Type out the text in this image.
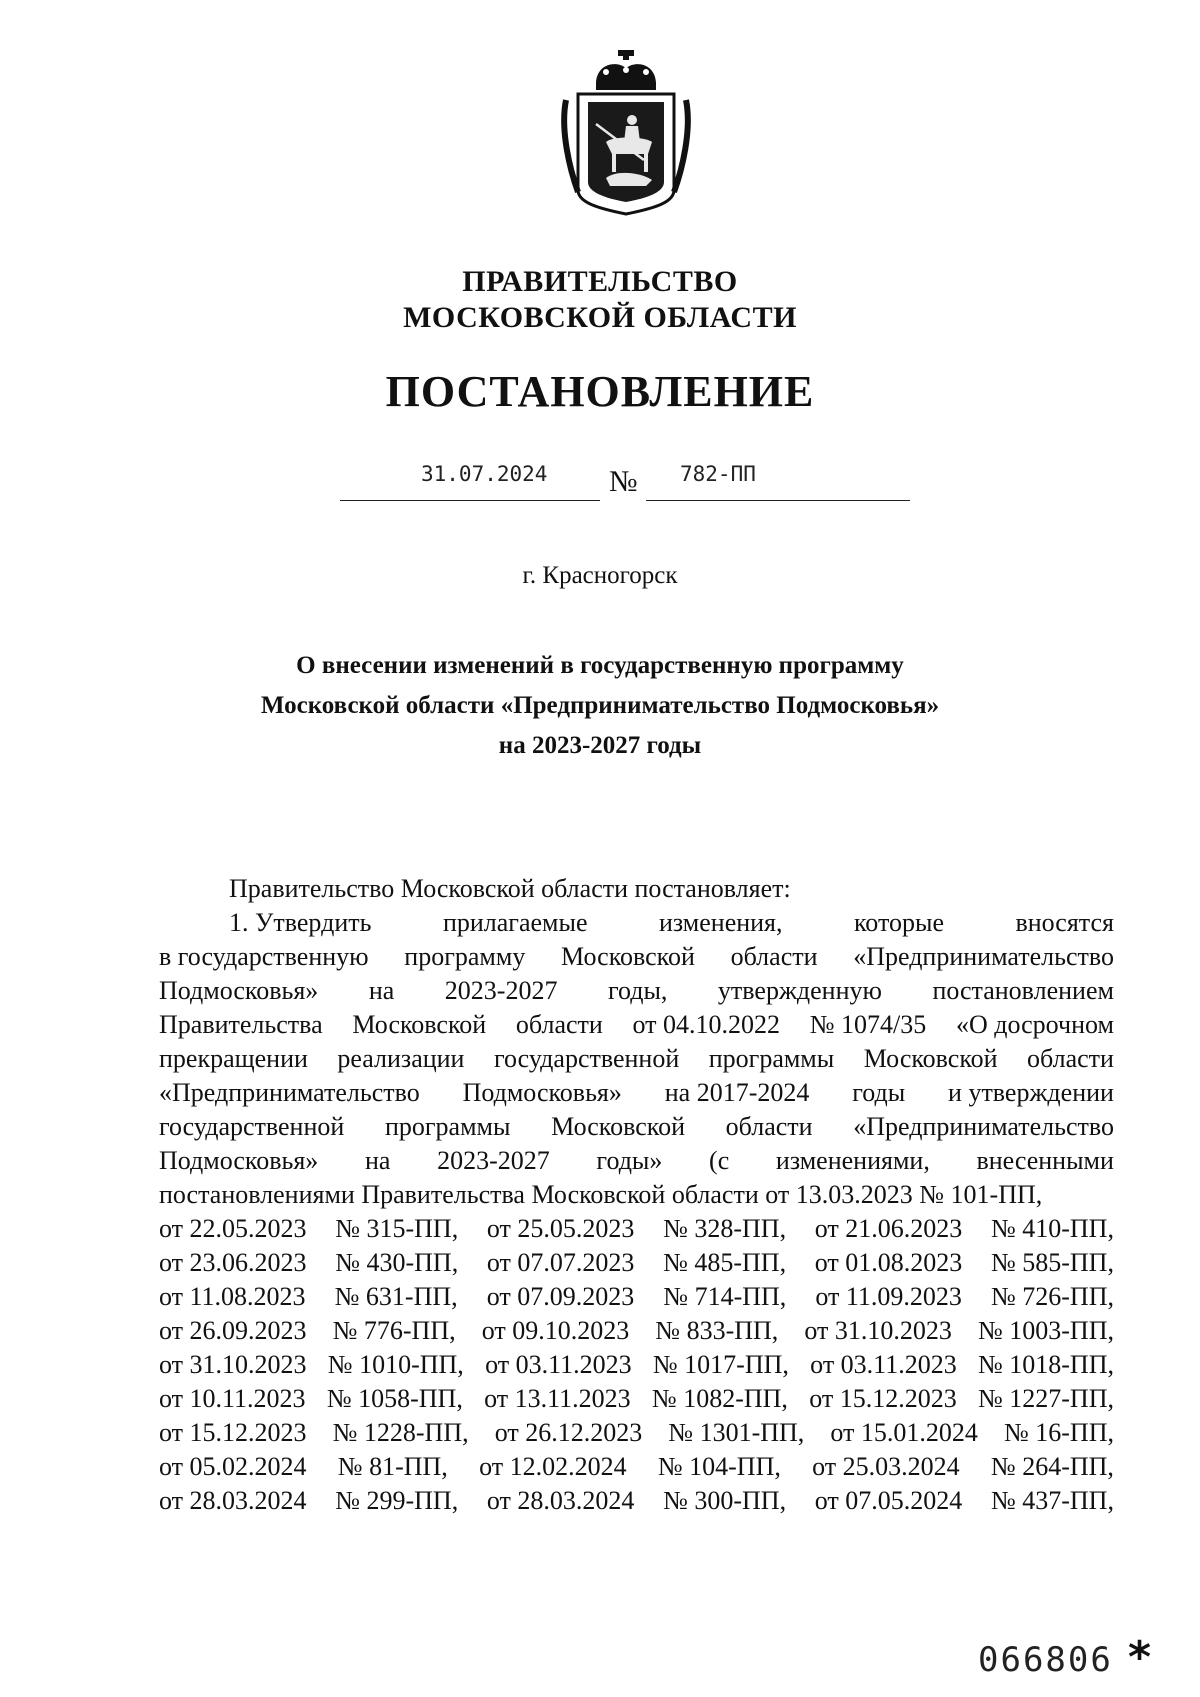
ПРАВИТЕЛЬСТВО
МОСКОВСКОЙ ОБЛАСТИ
ПОСТАНОВЛЕНИЕ
31.07.2024 № 782-ПП
г. Красногорск
О внесении изменений в государственную программу
Московской области «Предпринимательство Подмосковья»
на 2023-2027 годы
Правительство Московской области постановляет:
1. Утвердить	прилагаемые	изменения,	которые	вносятся
в государственную программу Московской области «Предпринимательство
Подмосковья» на 2023-2027 годы, утвержденную постановлением
Правительства Московской области от 04.10.2022 № 1074/35 «О досрочном
прекращении реализации государственной программы Московской области
«Предпринимательство Подмосковья» на 2017-2024 годы и утверждении
государственной программы Московской области «Предпринимательство
Подмосковья» на 2023-2027 годы» (с изменениями, внесенными
постановлениями Правительства Московской области от 13.03.2023 № 101-ПП,
от 22.05.2023 № 315-ПП, от 25.05.2023 № 328-ПП, от 21.06.2023 № 410-ПП,
от 23.06.2023 № 430-ПП, от 07.07.2023 № 485-ПП, от 01.08.2023 № 585-ПП,
от 11.08.2023 № 631-ПП, от 07.09.2023 № 714-ПП, от 11.09.2023 № 726-ПП,
от 26.09.2023 № 776-ПП, от 09.10.2023 № 833-ПП, от 31.10.2023 № 1003-ПП,
от 31.10.2023 № 1010-ПП, от 03.11.2023 № 1017-ПП, от 03.11.2023 № 1018-ПП,
от 10.11.2023 № 1058-ПП, от 13.11.2023 № 1082-ПП, от 15.12.2023 № 1227-ПП,
от 15.12.2023 № 1228-ПП, от 26.12.2023 № 1301-ПП, от 15.01.2024 № 16-ПП,
от 05.02.2024 № 81-ПП, от 12.02.2024 № 104-ПП, от 25.03.2024 № 264-ПП,
от 28.03.2024 № 299-ПП, от 28.03.2024 № 300-ПП, от 07.05.2024 № 437-ПП,
066806 *
